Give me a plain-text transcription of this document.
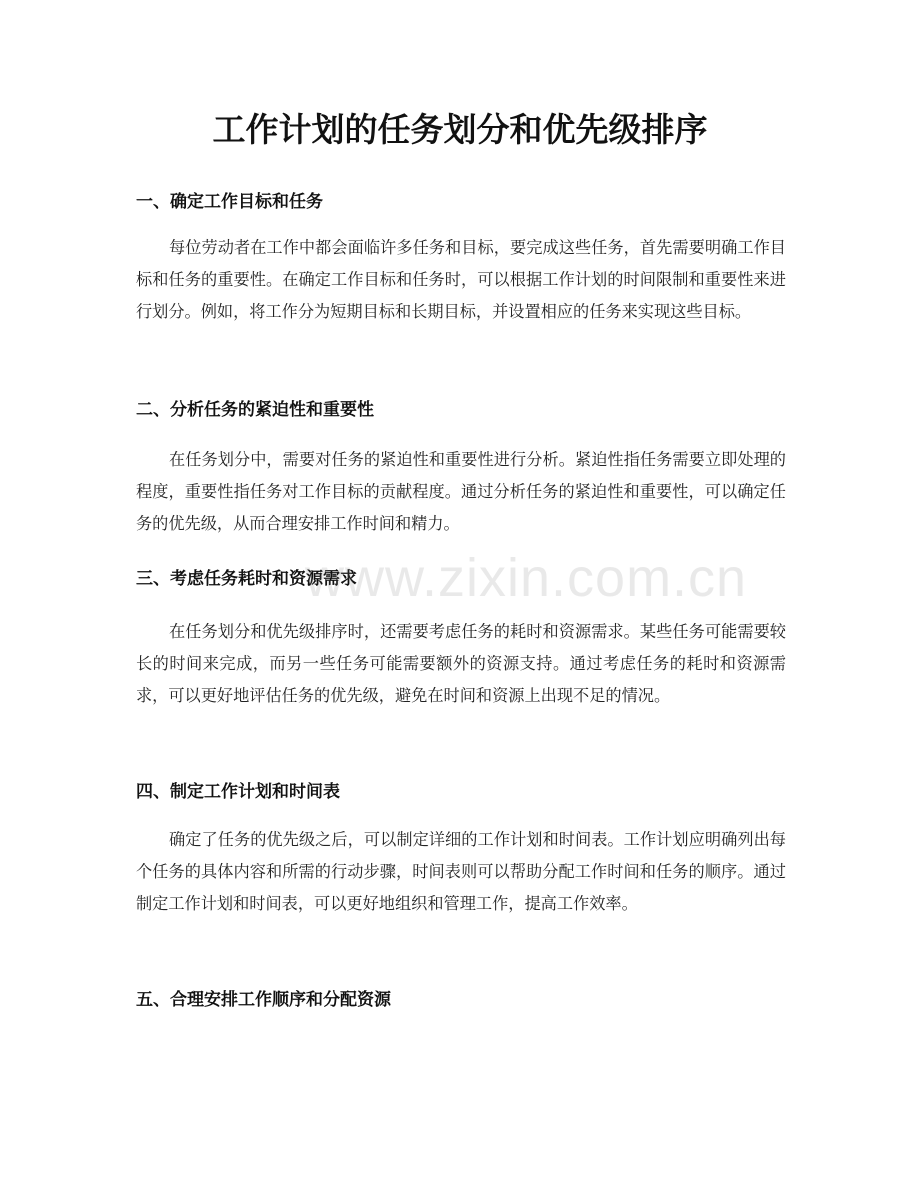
工作计划的任务划分和优先级排序
一、确定工作目标和任务

每位劳动者在工作中都会面临许多任务和目标，要完成这些任务，首先需要明确工作目标和任务的重要性。在确定工作目标和任务时，可以根据工作计划的时间限制和重要性来进行划分。例如，将工作分为短期目标和长期目标，并设置相应的任务来实现这些目标。

二、分析任务的紧迫性和重要性

在任务划分中，需要对任务的紧迫性和重要性进行分析。紧迫性指任务需要立即处理的程度，重要性指任务对工作目标的贡献程度。通过分析任务的紧迫性和重要性，可以确定任务的优先级，从而合理安排工作时间和精力。

三、考虑任务耗时和资源需求

在任务划分和优先级排序时，还需要考虑任务的耗时和资源需求。某些任务可能需要较长的时间来完成，而另一些任务可能需要额外的资源支持。通过考虑任务的耗时和资源需求，可以更好地评估任务的优先级，避免在时间和资源上出现不足的情况。

四、制定工作计划和时间表

确定了任务的优先级之后，可以制定详细的工作计划和时间表。工作计划应明确列出每个任务的具体内容和所需的行动步骤，时间表则可以帮助分配工作时间和任务的顺序。通过制定工作计划和时间表，可以更好地组织和管理工作，提高工作效率。

五、合理安排工作顺序和分配资源
www.zixin.com.cn
